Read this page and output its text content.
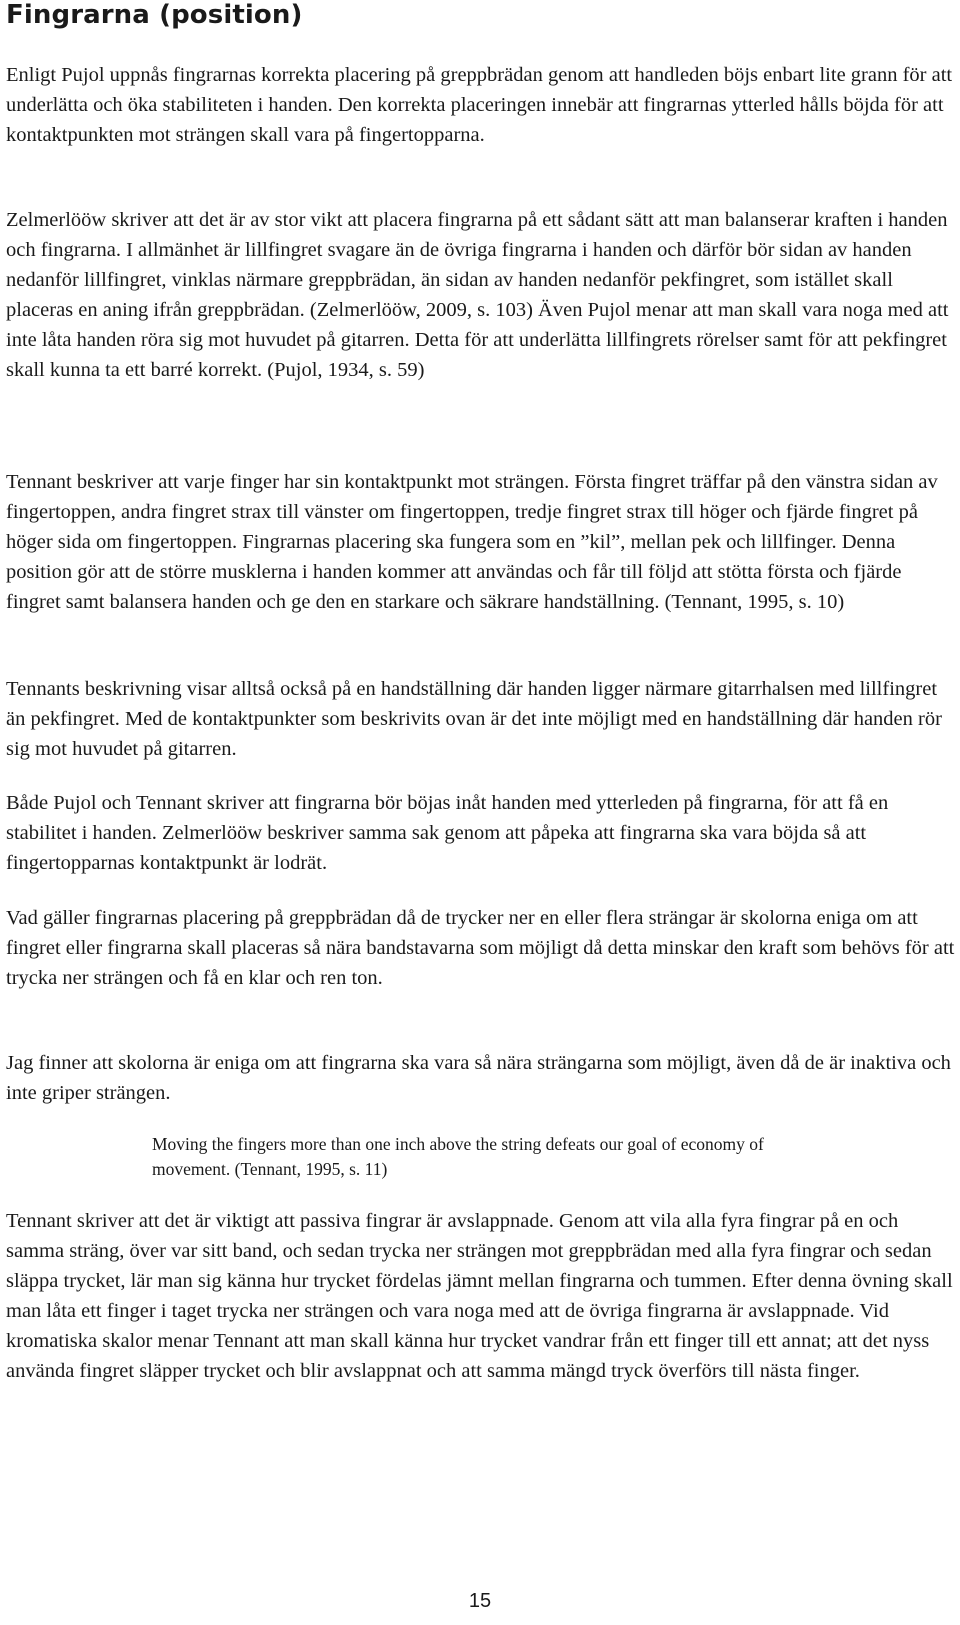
Fingrarna (position)

Enligt Pujol uppnås fingrarnas korrekta placering på greppbrädan genom att handleden böjs enbart lite grann för att underlätta och öka stabiliteten i handen. Den korrekta placeringen innebär att fingrarnas ytterled hålls böjda för att kontaktpunkten mot strängen skall vara på fingertopparna.

Zelmerlööw skriver att det är av stor vikt att placera fingrarna på ett sådant sätt att man balanserar kraften i handen och fingrarna. I allmänhet är lillfingret svagare än de övriga fingrarna i handen och därför bör sidan av handen nedanför lillfingret, vinklas närmare greppbrädan, än sidan av handen nedanför pekfingret, som istället skall placeras en aning ifrån greppbrädan. (Zelmerlööw, 2009, s. 103) Även Pujol menar att man skall vara noga med att inte låta handen röra sig mot huvudet på gitarren. Detta för att underlätta lillfingrets rörelser samt för att pekfingret skall kunna ta ett barré korrekt. (Pujol, 1934, s. 59)

Tennant beskriver att varje finger har sin kontaktpunkt mot strängen. Första fingret träffar på den vänstra sidan av fingertoppen, andra fingret strax till vänster om fingertoppen, tredje fingret strax till höger och fjärde fingret på höger sida om fingertoppen. Fingrarnas placering ska fungera som en ”kil”, mellan pek och lillfinger. Denna position gör att de större musklerna i handen kommer att användas och får till följd att stötta första och fjärde fingret samt balansera handen och ge den en starkare och säkrare handställning. (Tennant, 1995, s. 10)

Tennants beskrivning visar alltså också på en handställning där handen ligger närmare gitarrhalsen med lillfingret än pekfingret. Med de kontaktpunkter som beskrivits ovan är det inte möjligt med en handställning där handen rör sig mot huvudet på gitarren.

Både Pujol och Tennant skriver att fingrarna bör böjas inåt handen med ytterleden på fingrarna, för att få en stabilitet i handen. Zelmerlööw beskriver samma sak genom att påpeka att fingrarna ska vara böjda så att fingertopparnas kontaktpunkt är lodrät.

Vad gäller fingrarnas placering på greppbrädan då de trycker ner en eller flera strängar är skolorna eniga om att fingret eller fingrarna skall placeras så nära bandstavarna som möjligt då detta minskar den kraft som behövs för att trycka ner strängen och få en klar och ren ton.

Jag finner att skolorna är eniga om att fingrarna ska vara så nära strängarna som möjligt, även då de är inaktiva och inte griper strängen.

Moving the fingers more than one inch above the string defeats our goal of economy of movement. (Tennant, 1995, s. 11)

Tennant skriver att det är viktigt att passiva fingrar är avslappnade. Genom att vila alla fyra fingrar på en och samma sträng, över var sitt band, och sedan trycka ner strängen mot greppbrädan med alla fyra fingrar och sedan släppa trycket, lär man sig känna hur trycket fördelas jämnt mellan fingrarna och tummen. Efter denna övning skall man låta ett finger i taget trycka ner strängen och vara noga med att de övriga fingrarna är avslappnade. Vid kromatiska skalor menar Tennant att man skall känna hur trycket vandrar från ett finger till ett annat; att det nyss använda fingret släpper trycket och blir avslappnat och att samma mängd tryck överförs till nästa finger.

15
